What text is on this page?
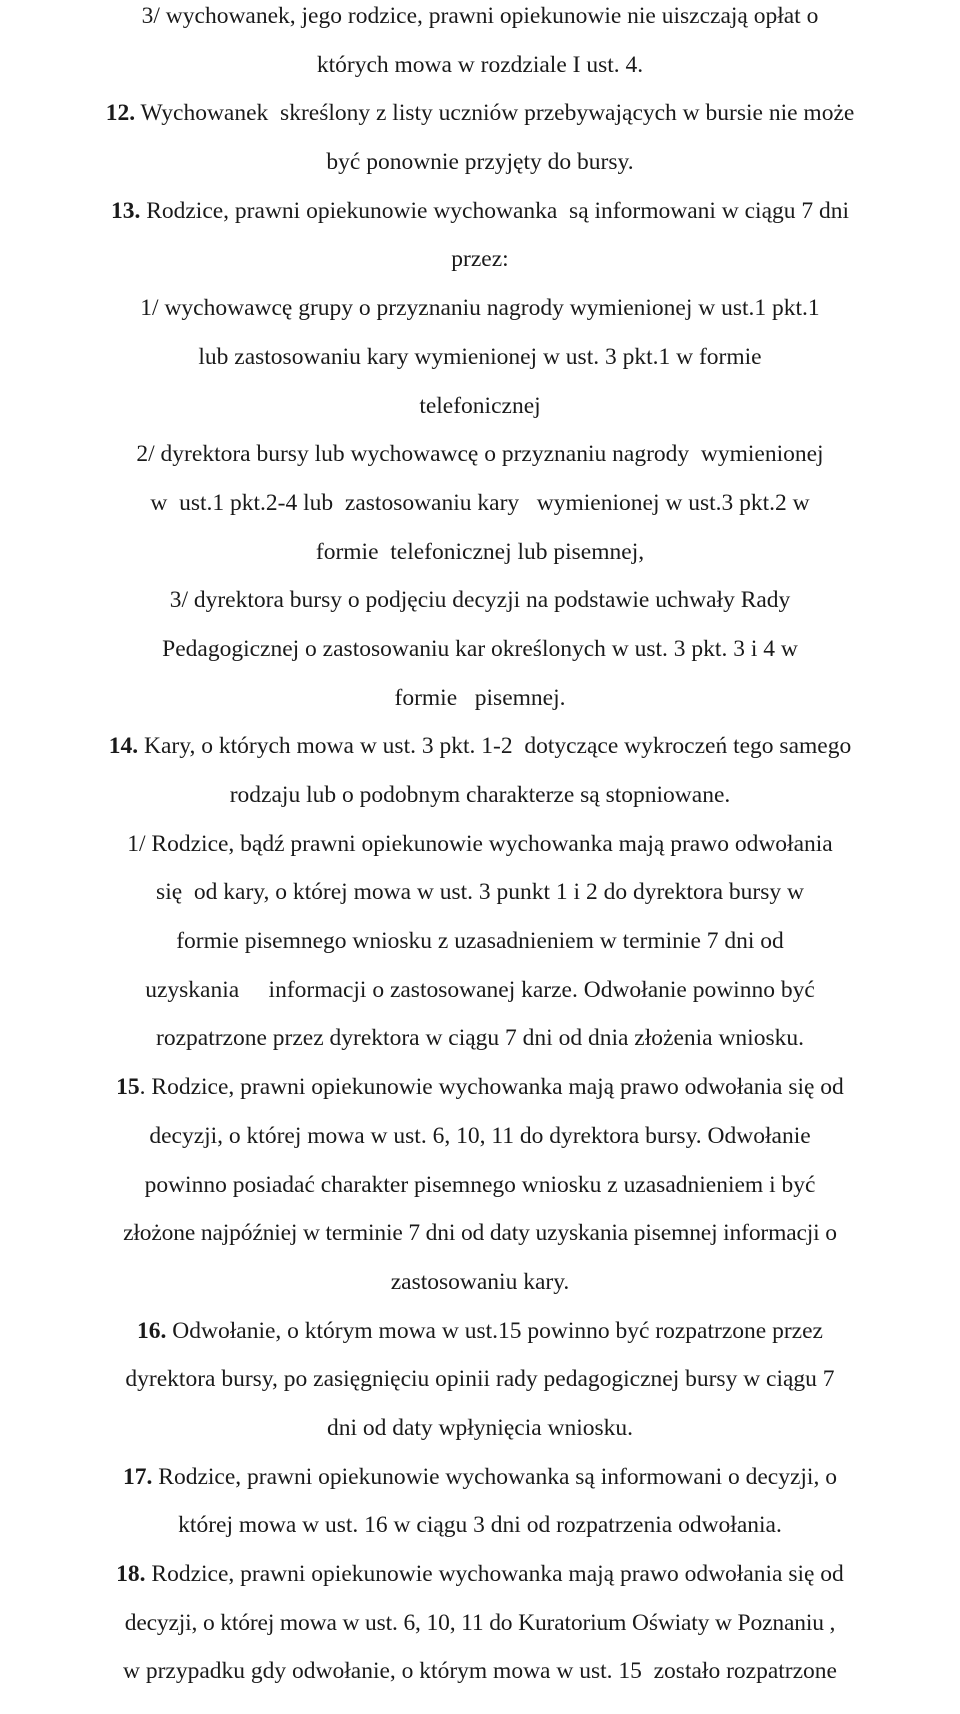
3/ wychowanek, jego rodzice, prawni opiekunowie nie uiszczają opłat o

których mowa w rozdziale I ust. 4.

12. Wychowanek  skreślony z listy uczniów przebywających w bursie nie może

być ponownie przyjęty do bursy.

13. Rodzice, prawni opiekunowie wychowanka  są informowani w ciągu 7 dni

przez:

1/ wychowawcę grupy o przyznaniu nagrody wymienionej w ust.1 pkt.1

lub zastosowaniu kary wymienionej w ust. 3 pkt.1 w formie

telefonicznej

2/ dyrektora bursy lub wychowawcę o przyznaniu nagrody  wymienionej

w  ust.1 pkt.2-4 lub  zastosowaniu kary   wymienionej w ust.3 pkt.2 w

formie  telefonicznej lub pisemnej,

3/ dyrektora bursy o podjęciu decyzji na podstawie uchwały Rady

Pedagogicznej o zastosowaniu kar określonych w ust. 3 pkt. 3 i 4 w

formie   pisemnej.

14. Kary, o których mowa w ust. 3 pkt. 1-2  dotyczące wykroczeń tego samego

rodzaju lub o podobnym charakterze są stopniowane.

1/ Rodzice, bądź prawni opiekunowie wychowanka mają prawo odwołania

się  od kary, o której mowa w ust. 3 punkt 1 i 2 do dyrektora bursy w

formie pisemnego wniosku z uzasadnieniem w terminie 7 dni od

uzyskania     informacji o zastosowanej karze. Odwołanie powinno być

rozpatrzone przez dyrektora w ciągu 7 dni od dnia złożenia wniosku.

15. Rodzice, prawni opiekunowie wychowanka mają prawo odwołania się od

decyzji, o której mowa w ust. 6, 10, 11 do dyrektora bursy. Odwołanie

powinno posiadać charakter pisemnego wniosku z uzasadnieniem i być

złożone najpóźniej w terminie 7 dni od daty uzyskania pisemnej informacji o

zastosowaniu kary.

16. Odwołanie, o którym mowa w ust.15 powinno być rozpatrzone przez

dyrektora bursy, po zasięgnięciu opinii rady pedagogicznej bursy w ciągu 7

dni od daty wpłynięcia wniosku.

17. Rodzice, prawni opiekunowie wychowanka są informowani o decyzji, o

której mowa w ust. 16 w ciągu 3 dni od rozpatrzenia odwołania.

18. Rodzice, prawni opiekunowie wychowanka mają prawo odwołania się od

decyzji, o której mowa w ust. 6, 10, 11 do Kuratorium Oświaty w Poznaniu ,

w przypadku gdy odwołanie, o którym mowa w ust. 15  zostało rozpatrzone
